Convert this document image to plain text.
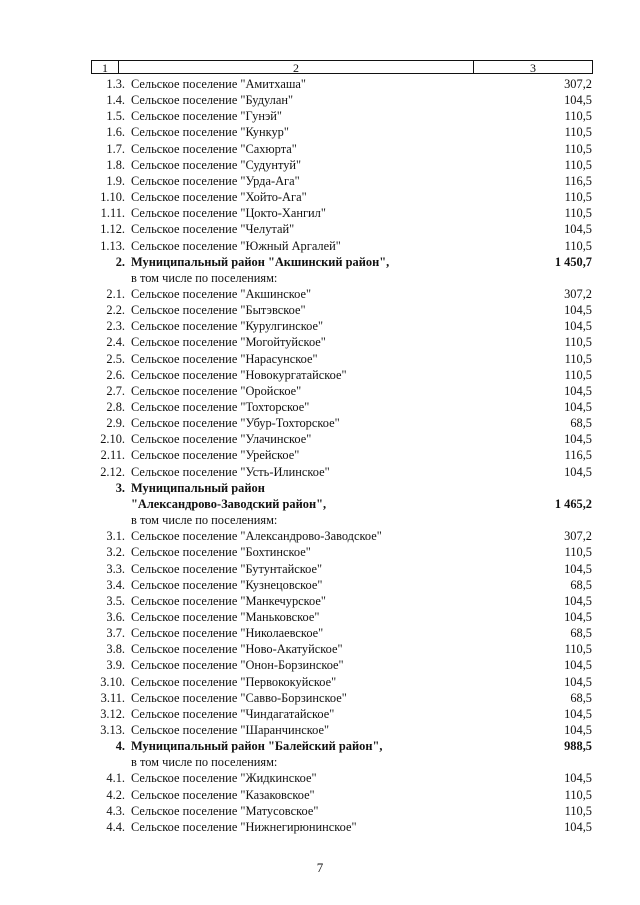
1	2	3
1.3. Сельское поселение "Амитхаша"	307,2
1.4. Сельское поселение "Будулан"	104,5
1.5. Сельское поселение "Гунэй"	110,5
1.6. Сельское поселение "Кункур"	110,5
1.7. Сельское поселение "Сахюрта"	110,5
1.8. Сельское поселение "Судунтуй"	110,5
1.9. Сельское поселение "Урда-Ага"	116,5
1.10. Сельское поселение "Хойто-Ага"	110,5
1.11. Сельское поселение "Цокто-Хангил"	110,5
1.12. Сельское поселение "Челутай"	104,5
1.13. Сельское поселение "Южный Аргалей"	110,5
2. Муниципальный район "Акшинский район",	1 450,7
в том числе по поселениям:
2.1. Сельское поселение "Акшинское"	307,2
2.2. Сельское поселение "Бытэвское"	104,5
2.3. Сельское поселение "Курулгинское"	104,5
2.4. Сельское поселение "Могойтуйское"	110,5
2.5. Сельское поселение "Нарасунское"	110,5
2.6. Сельское поселение "Новокургатайское"	110,5
2.7. Сельское поселение "Оройское"	104,5
2.8. Сельское поселение "Тохторское"	104,5
2.9. Сельское поселение "Убур-Тохторское"	68,5
2.10. Сельское поселение "Улачинское"	104,5
2.11. Сельское поселение "Урейское"	116,5
2.12. Сельское поселение "Усть-Илинское"	104,5
3. Муниципальный район
"Александрово-Заводский район",	1 465,2
в том числе по поселениям:
3.1. Сельское поселение "Александрово-Заводское"	307,2
3.2. Сельское поселение "Бохтинское"	110,5
3.3. Сельское поселение "Бутунтайское"	104,5
3.4. Сельское поселение "Кузнецовское"	68,5
3.5. Сельское поселение "Манкечурское"	104,5
3.6. Сельское поселение "Маньковское"	104,5
3.7. Сельское поселение "Николаевское"	68,5
3.8. Сельское поселение "Ново-Акатуйское"	110,5
3.9. Сельское поселение "Онон-Борзинское"	104,5
3.10. Сельское поселение "Первококуйское"	104,5
3.11. Сельское поселение "Савво-Борзинское"	68,5
3.12. Сельское поселение "Чиндагатайское"	104,5
3.13. Сельское поселение "Шаранчинское"	104,5
4. Муниципальный район "Балейский район",	988,5
в том числе по поселениям:
4.1. Сельское поселение "Жидкинское"	104,5
4.2. Сельское поселение "Казаковское"	110,5
4.3. Сельское поселение "Матусовское"	110,5
4.4. Сельское поселение "Нижнегирюнинское"	104,5
7
